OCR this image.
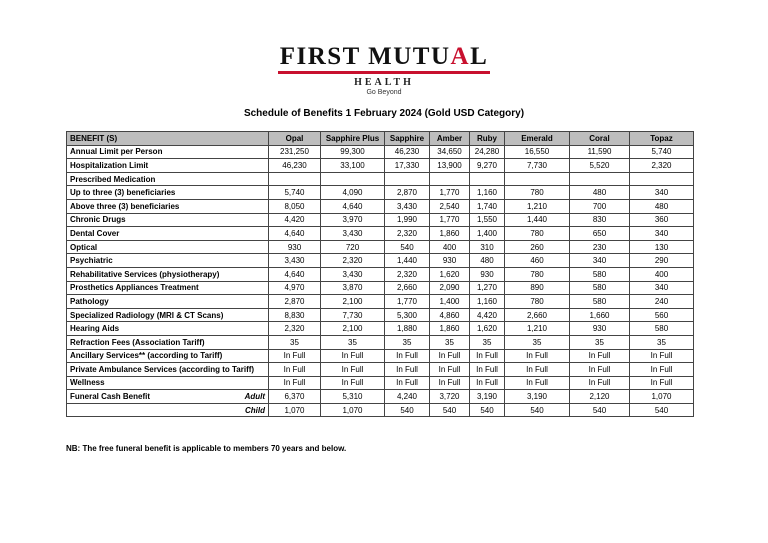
FIRST MUTUAL
HEALTH
Go Beyond
Schedule of Benefits 1 February 2024 (Gold USD Category)
BENEFIT (S)	Opal	Sapphire Plus	Sapphire	Amber	Ruby	Emerald	Coral	Topaz
Annual Limit per Person	231,250	99,300	46,230	34,650	24,280	16,550	11,590	5,740
Hospitalization Limit	46,230	33,100	17,330	13,900	9,270	7,730	5,520	2,320
Prescribed Medication								
Up to three (3) beneficiaries	5,740	4,090	2,870	1,770	1,160	780	480	340
Above three (3) beneficiaries	8,050	4,640	3,430	2,540	1,740	1,210	700	480
Chronic Drugs	4,420	3,970	1,990	1,770	1,550	1,440	830	360
Dental Cover	4,640	3,430	2,320	1,860	1,400	780	650	340
Optical	930	720	540	400	310	260	230	130
Psychiatric	3,430	2,320	1,440	930	480	460	340	290
Rehabilitative Services (physiotherapy)	4,640	3,430	2,320	1,620	930	780	580	400
Prosthetics Appliances Treatment	4,970	3,870	2,660	2,090	1,270	890	580	340
Pathology	2,870	2,100	1,770	1,400	1,160	780	580	240
Specialized Radiology (MRI & CT Scans)	8,830	7,730	5,300	4,860	4,420	2,660	1,660	560
Hearing Aids	2,320	2,100	1,880	1,860	1,620	1,210	930	580
Refraction Fees (Association Tariff)	35	35	35	35	35	35	35	35
Ancillary Services** (according to Tariff)	In Full	In Full	In Full	In Full	In Full	In Full	In Full	In Full
Private Ambulance Services (according to Tariff)	In Full	In Full	In Full	In Full	In Full	In Full	In Full	In Full
Wellness	In Full	In Full	In Full	In Full	In Full	In Full	In Full	In Full

Funeral Cash Benefit Adult	6,370	5,310	4,240	3,720	3,190	3,190	2,120	1,070
Child	1,070	1,070	540	540	540	540	540	540
NB: The free funeral benefit is applicable to members 70 years and below.
